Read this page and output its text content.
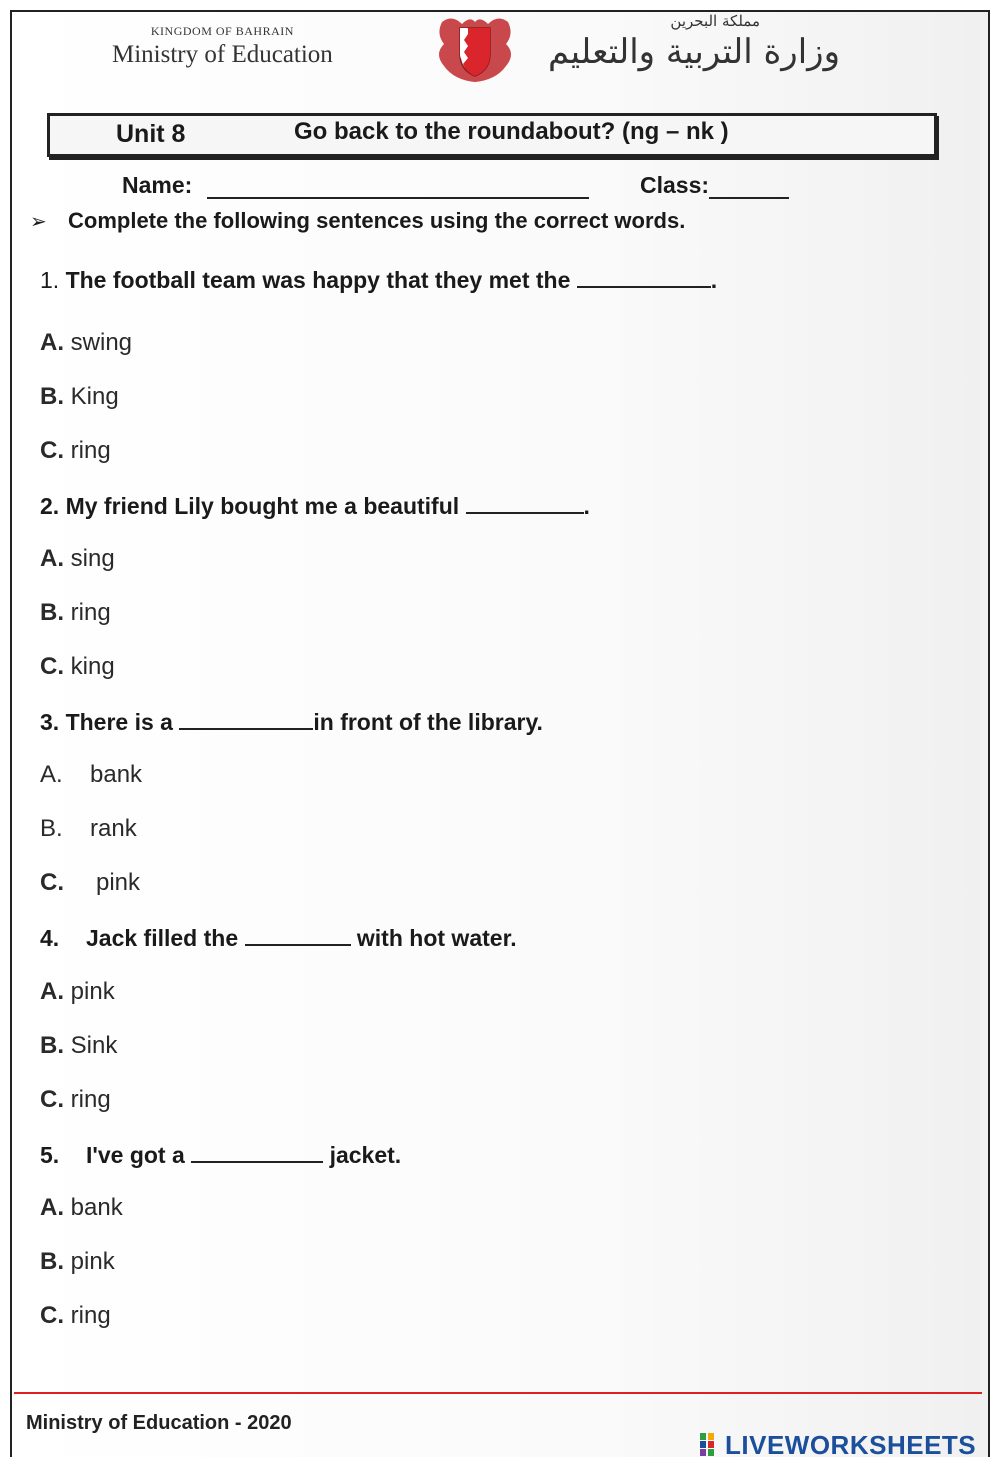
KINGDOM OF BAHRAIN
Ministry of Education
مملكة البحرين
وزارة التربية والتعليم
Unit 8	Go back to the roundabout? (ng – nk )
Name:	Class:
➢ Complete the following sentences using the correct words.
1. The football team was happy that they met the	.
A. swing
B. King
C. ring
2. My friend Lily bought me a beautiful	.
A. sing
B. ring
C. king
3. There is a	in front of the library.
A. bank
B. rank
C. pink
4. Jack filled the	with hot water.
A. pink
B. Sink
C. ring
5. I've got a	jacket.
A. bank
B. pink
C. ring
Ministry of Education - 2020
LIVEWORKSHEETS
